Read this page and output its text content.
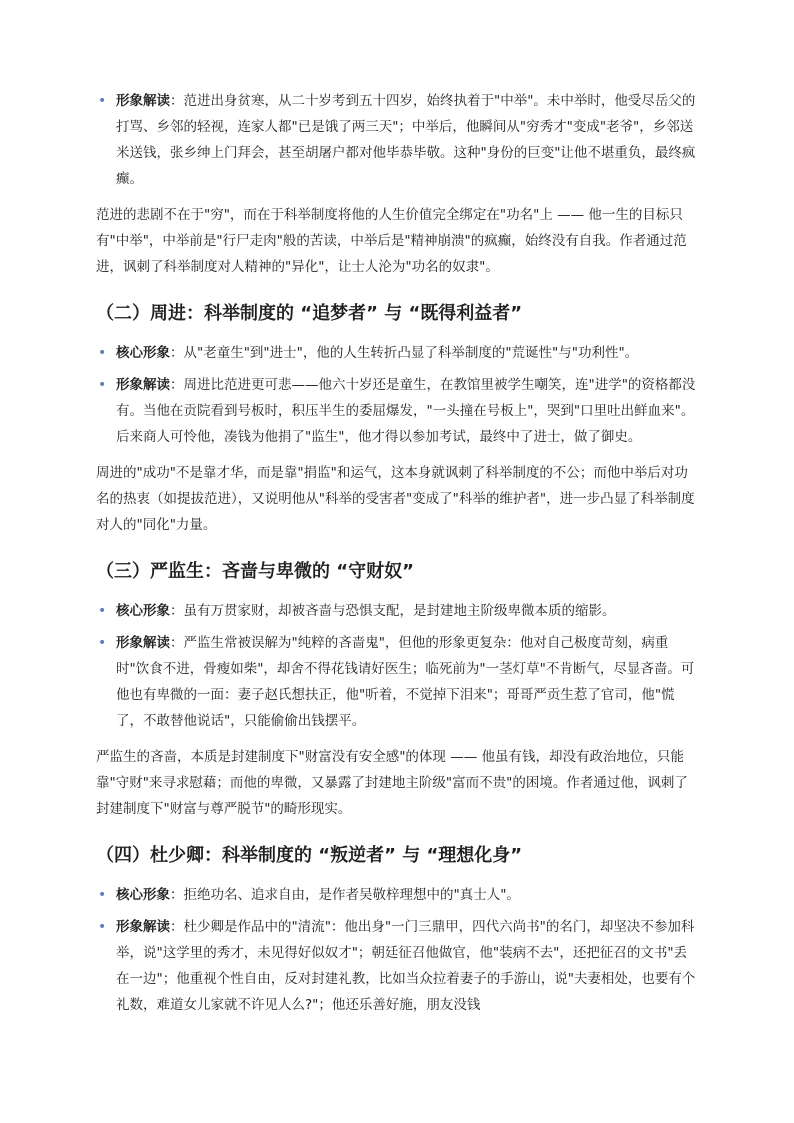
• 形象解读：范进出身贫寒，从二十岁考到五十四岁，始终执着于"中举"。未中举时，他受尽岳父的打骂、乡邻的轻视，连家人都"已是饿了两三天"；中举后，他瞬间从"穷秀才"变成"老爷"，乡邻送米送钱，张乡绅上门拜会，甚至胡屠户都对他毕恭毕敬。这种"身份的巨变"让他不堪重负，最终疯癫。
范进的悲剧不在于"穷"，而在于科举制度将他的人生价值完全绑定在"功名"上 —— 他一生的目标只有"中举"，中举前是"行尸走肉"般的苦读，中举后是"精神崩溃"的疯癫，始终没有自我。作者通过范进，讽刺了科举制度对人精神的"异化"，让士人沦为"功名的奴隶"。
（二）周进：科举制度的 “追梦者” 与 “既得利益者”
• 核心形象：从"老童生"到"进士"，他的人生转折凸显了科举制度的"荒诞性"与"功利性"。
• 形象解读：周进比范进更可悲——他六十岁还是童生，在教馆里被学生嘲笑，连"进学"的资格都没有。当他在贡院看到号板时，积压半生的委屈爆发，"一头撞在号板上"，哭到"口里吐出鲜血来"。后来商人可怜他，凑钱为他捐了"监生"，他才得以参加考试，最终中了进士，做了御史。
周进的"成功"不是靠才华，而是靠"捐监"和运气，这本身就讽刺了科举制度的不公；而他中举后对功名的热衷（如提拔范进），又说明他从"科举的受害者"变成了"科举的维护者"，进一步凸显了科举制度对人的"同化"力量。
（三）严监生：吝啬与卑微的 “守财奴”
• 核心形象：虽有万贯家财，却被吝啬与恐惧支配，是封建地主阶级卑微本质的缩影。
• 形象解读：严监生常被误解为"纯粹的吝啬鬼"，但他的形象更复杂：他对自己极度苛刻，病重时"饮食不进，骨瘦如柴"，却舍不得花钱请好医生；临死前为"一茎灯草"不肯断气，尽显吝啬。可他也有卑微的一面：妻子赵氏想扶正，他"听着，不觉掉下泪来"；哥哥严贡生惹了官司，他"慌了，不敢替他说话"，只能偷偷出钱摆平。
严监生的吝啬，本质是封建制度下"财富没有安全感"的体现 —— 他虽有钱，却没有政治地位，只能靠"守财"来寻求慰藉；而他的卑微，又暴露了封建地主阶级"富而不贵"的困境。作者通过他，讽刺了封建制度下"财富与尊严脱节"的畸形现实。
（四）杜少卿：科举制度的 “叛逆者” 与 “理想化身”
• 核心形象：拒绝功名、追求自由，是作者吴敬梓理想中的"真士人"。
• 形象解读：杜少卿是作品中的"清流"：他出身"一门三鼎甲，四代六尚书"的名门，却坚决不参加科举，说"这学里的秀才，未见得好似奴才"；朝廷征召他做官，他"装病不去"，还把征召的文书"丢在一边"；他重视个性自由，反对封建礼教，比如当众拉着妻子的手游山，说"夫妻相处，也要有个礼数，难道女儿家就不许见人么?"；他还乐善好施，朋友没钱
